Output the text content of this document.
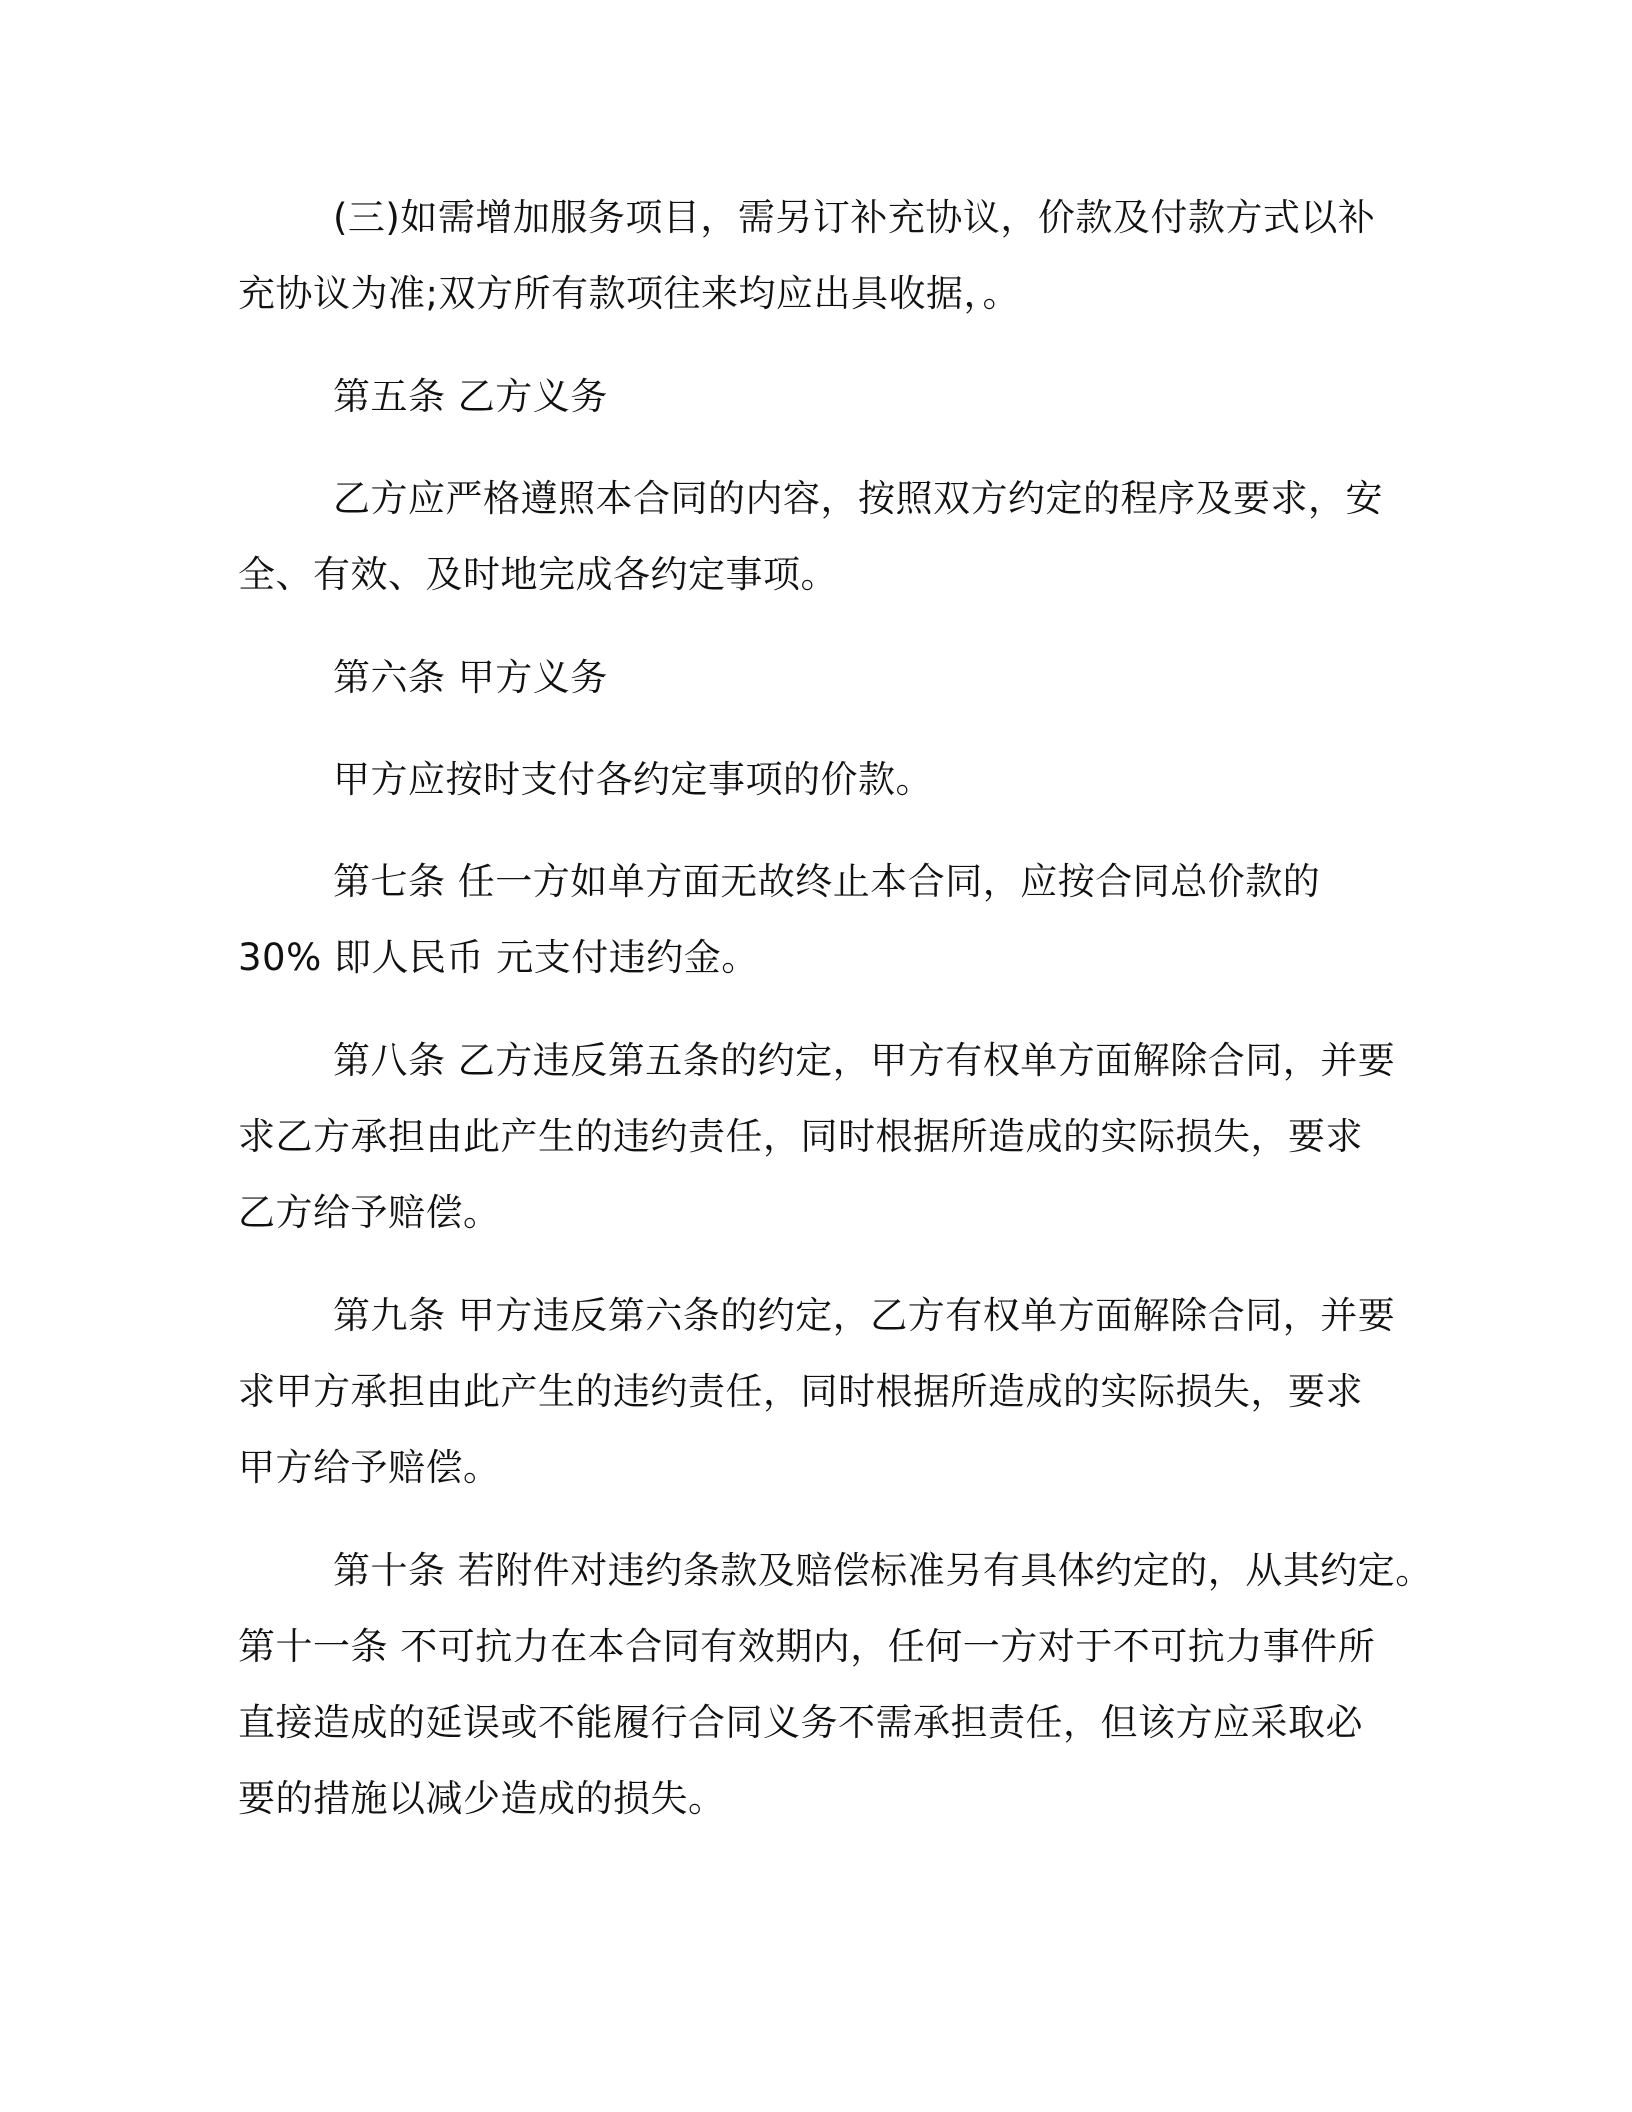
(三)如需增加服务项目，需另订补充协议，价款及付款方式以补
充协议为准;双方所有款项往来均应出具收据，。
第五条 乙方义务
乙方应严格遵照本合同的内容，按照双方约定的程序及要求，安
全、有效、及时地完成各约定事项。
第六条 甲方义务
甲方应按时支付各约定事项的价款。
第七条 任一方如单方面无故终止本合同，应按合同总价款的
30% 即人民币 元支付违约金。
第八条 乙方违反第五条的约定，甲方有权单方面解除合同，并要
求乙方承担由此产生的违约责任，同时根据所造成的实际损失，要求
乙方给予赔偿。
第九条 甲方违反第六条的约定，乙方有权单方面解除合同，并要
求甲方承担由此产生的违约责任，同时根据所造成的实际损失，要求
甲方给予赔偿。
第十条 若附件对违约条款及赔偿标准另有具体约定的，从其约定。
第十一条 不可抗力在本合同有效期内，任何一方对于不可抗力事件所
直接造成的延误或不能履行合同义务不需承担责任，但该方应采取必
要的措施以减少造成的损失。
